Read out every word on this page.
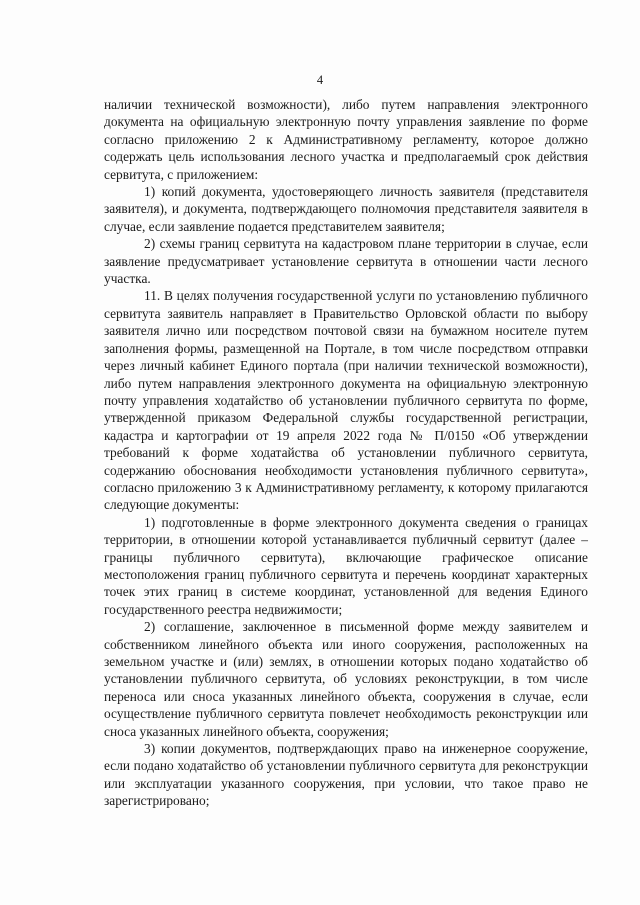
4

наличии технической возможности), либо путем направления электронного документа на официальную электронную почту управления заявление по форме согласно приложению 2 к Административному регламенту, которое должно содержать цель использования лесного участка и предполагаемый срок действия сервитута, с приложением:

1) копий документа, удостоверяющего личность заявителя (представителя заявителя), и документа, подтверждающего полномочия представителя заявителя в случае, если заявление подается представителем заявителя;

2) схемы границ сервитута на кадастровом плане территории в случае, если заявление предусматривает установление сервитута в отношении части лесного участка.

11. В целях получения государственной услуги по установлению публичного сервитута заявитель направляет в Правительство Орловской области по выбору заявителя лично или посредством почтовой связи на бумажном носителе путем заполнения формы, размещенной на Портале, в том числе посредством отправки через личный кабинет Единого портала (при наличии технической возможности), либо путем направления электронного документа на официальную электронную почту управления ходатайство об установлении публичного сервитута по форме, утвержденной приказом Федеральной службы государственной регистрации, кадастра и картографии от 19 апреля 2022 года № П/0150 «Об утверждении требований к форме ходатайства об установлении публичного сервитута, содержанию обоснования необходимости установления публичного сервитута», согласно приложению 3 к Административному регламенту, к которому прилагаются следующие документы:

1) подготовленные в форме электронного документа сведения о границах территории, в отношении которой устанавливается публичный сервитут (далее – границы публичного сервитута), включающие графическое описание местоположения границ публичного сервитута и перечень координат характерных точек этих границ в системе координат, установленной для ведения Единого государственного реестра недвижимости;

2) соглашение, заключенное в письменной форме между заявителем и собственником линейного объекта или иного сооружения, расположенных на земельном участке и (или) землях, в отношении которых подано ходатайство об установлении публичного сервитута, об условиях реконструкции, в том числе переноса или сноса указанных линейного объекта, сооружения в случае, если осуществление публичного сервитута повлечет необходимость реконструкции или сноса указанных линейного объекта, сооружения;

3) копии документов, подтверждающих право на инженерное сооружение, если подано ходатайство об установлении публичного сервитута для реконструкции или эксплуатации указанного сооружения, при условии, что такое право не зарегистрировано;
